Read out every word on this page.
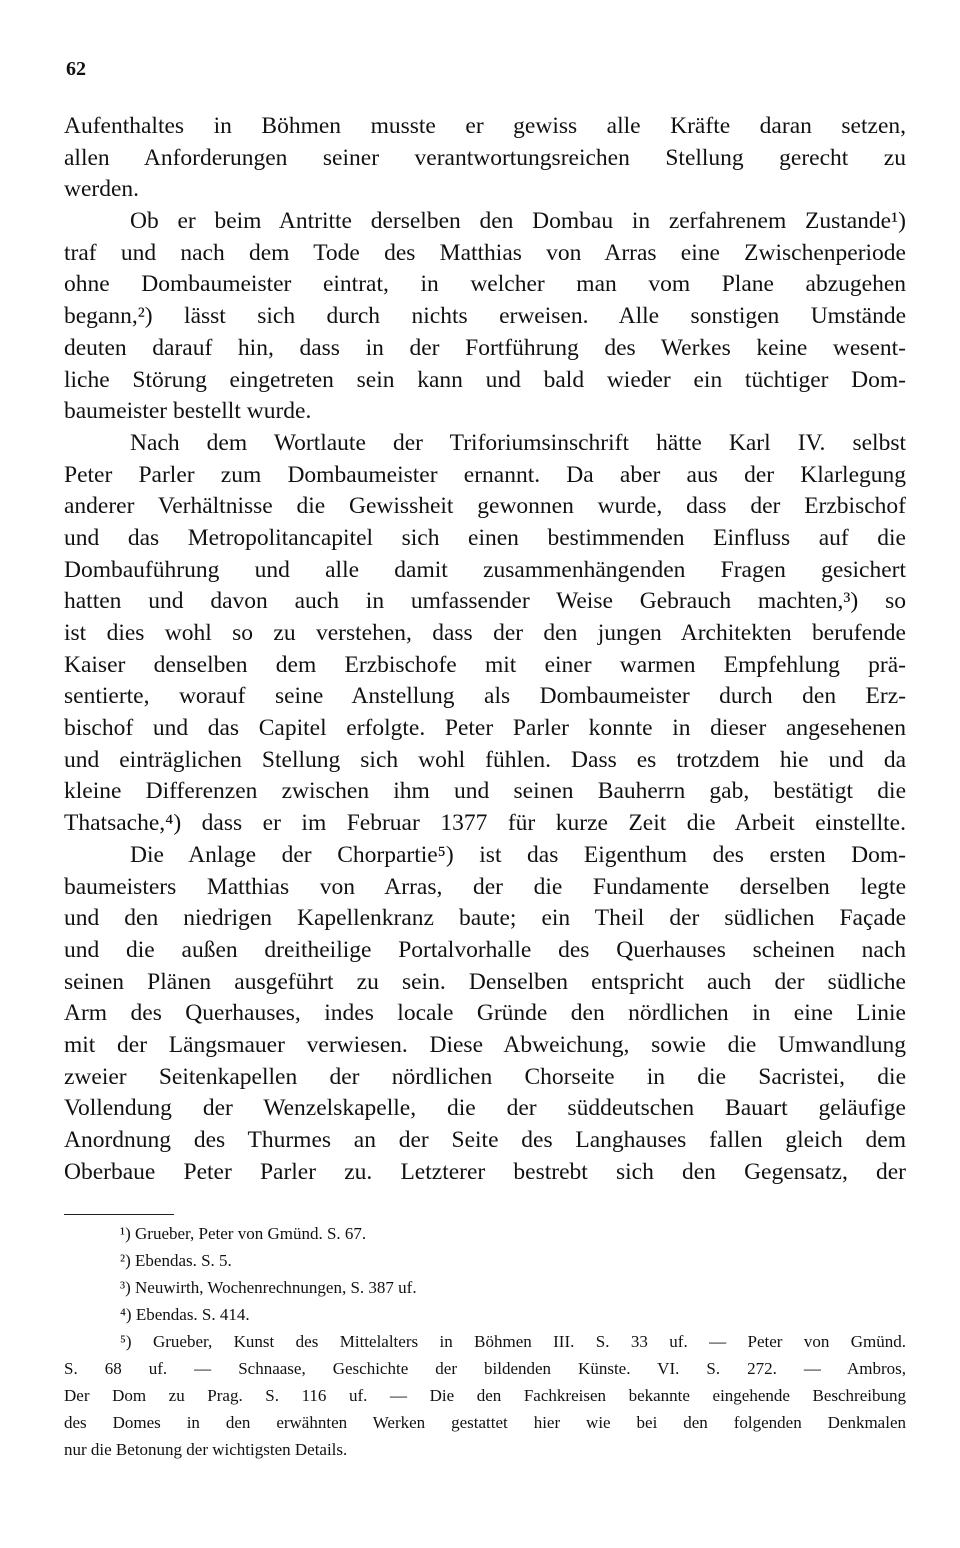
62
Aufenthaltes in Böhmen musste er gewiss alle Kräfte daran setzen,
allen Anforderungen seiner verantwortungsreichen Stellung gerecht zu
werden.
Ob er beim Antritte derselben den Dombau in zerfahrenem Zustande¹)
traf und nach dem Tode des Matthias von Arras eine Zwischenperiode
ohne Dombaumeister eintrat, in welcher man vom Plane abzugehen
begann,²) lässt sich durch nichts erweisen. Alle sonstigen Umstände
deuten darauf hin, dass in der Fortführung des Werkes keine wesent-
liche Störung eingetreten sein kann und bald wieder ein tüchtiger Dom-
baumeister bestellt wurde.
Nach dem Wortlaute der Triforiumsinschrift hätte Karl IV. selbst
Peter Parler zum Dombaumeister ernannt. Da aber aus der Klarlegung
anderer Verhältnisse die Gewissheit gewonnen wurde, dass der Erzbischof
und das Metropolitancapitel sich einen bestimmenden Einfluss auf die
Dombauführung und alle damit zusammenhängenden Fragen gesichert
hatten und davon auch in umfassender Weise Gebrauch machten,³) so
ist dies wohl so zu verstehen, dass der den jungen Architekten berufende
Kaiser denselben dem Erzbischofe mit einer warmen Empfehlung prä-
sentierte, worauf seine Anstellung als Dombaumeister durch den Erz-
bischof und das Capitel erfolgte. Peter Parler konnte in dieser angesehenen
und einträglichen Stellung sich wohl fühlen. Dass es trotzdem hie und da
kleine Differenzen zwischen ihm und seinen Bauherrn gab, bestätigt die
Thatsache,⁴) dass er im Februar 1377 für kurze Zeit die Arbeit einstellte.
Die Anlage der Chorpartie⁵) ist das Eigenthum des ersten Dom-
baumeisters Matthias von Arras, der die Fundamente derselben legte
und den niedrigen Kapellenkranz baute; ein Theil der südlichen Façade
und die außen dreitheilige Portalvorhalle des Querhauses scheinen nach
seinen Plänen ausgeführt zu sein. Denselben entspricht auch der südliche
Arm des Querhauses, indes locale Gründe den nördlichen in eine Linie
mit der Längsmauer verwiesen. Diese Abweichung, sowie die Umwandlung
zweier Seitenkapellen der nördlichen Chorseite in die Sacristei, die
Vollendung der Wenzelskapelle, die der süddeutschen Bauart geläufige
Anordnung des Thurmes an der Seite des Langhauses fallen gleich dem
Oberbaue Peter Parler zu. Letzterer bestrebt sich den Gegensatz, der
¹) Grueber, Peter von Gmünd. S. 67.
²) Ebendas. S. 5.
³) Neuwirth, Wochenrechnungen, S. 387 uf.
⁴) Ebendas. S. 414.
⁵) Grueber, Kunst des Mittelalters in Böhmen III. S. 33 uf. — Peter von Gmünd.
S. 68 uf. — Schnaase, Geschichte der bildenden Künste. VI. S. 272. — Ambros,
Der Dom zu Prag. S. 116 uf. — Die den Fachkreisen bekannte eingehende Beschreibung
des Domes in den erwähnten Werken gestattet hier wie bei den folgenden Denkmalen
nur die Betonung der wichtigsten Details.
